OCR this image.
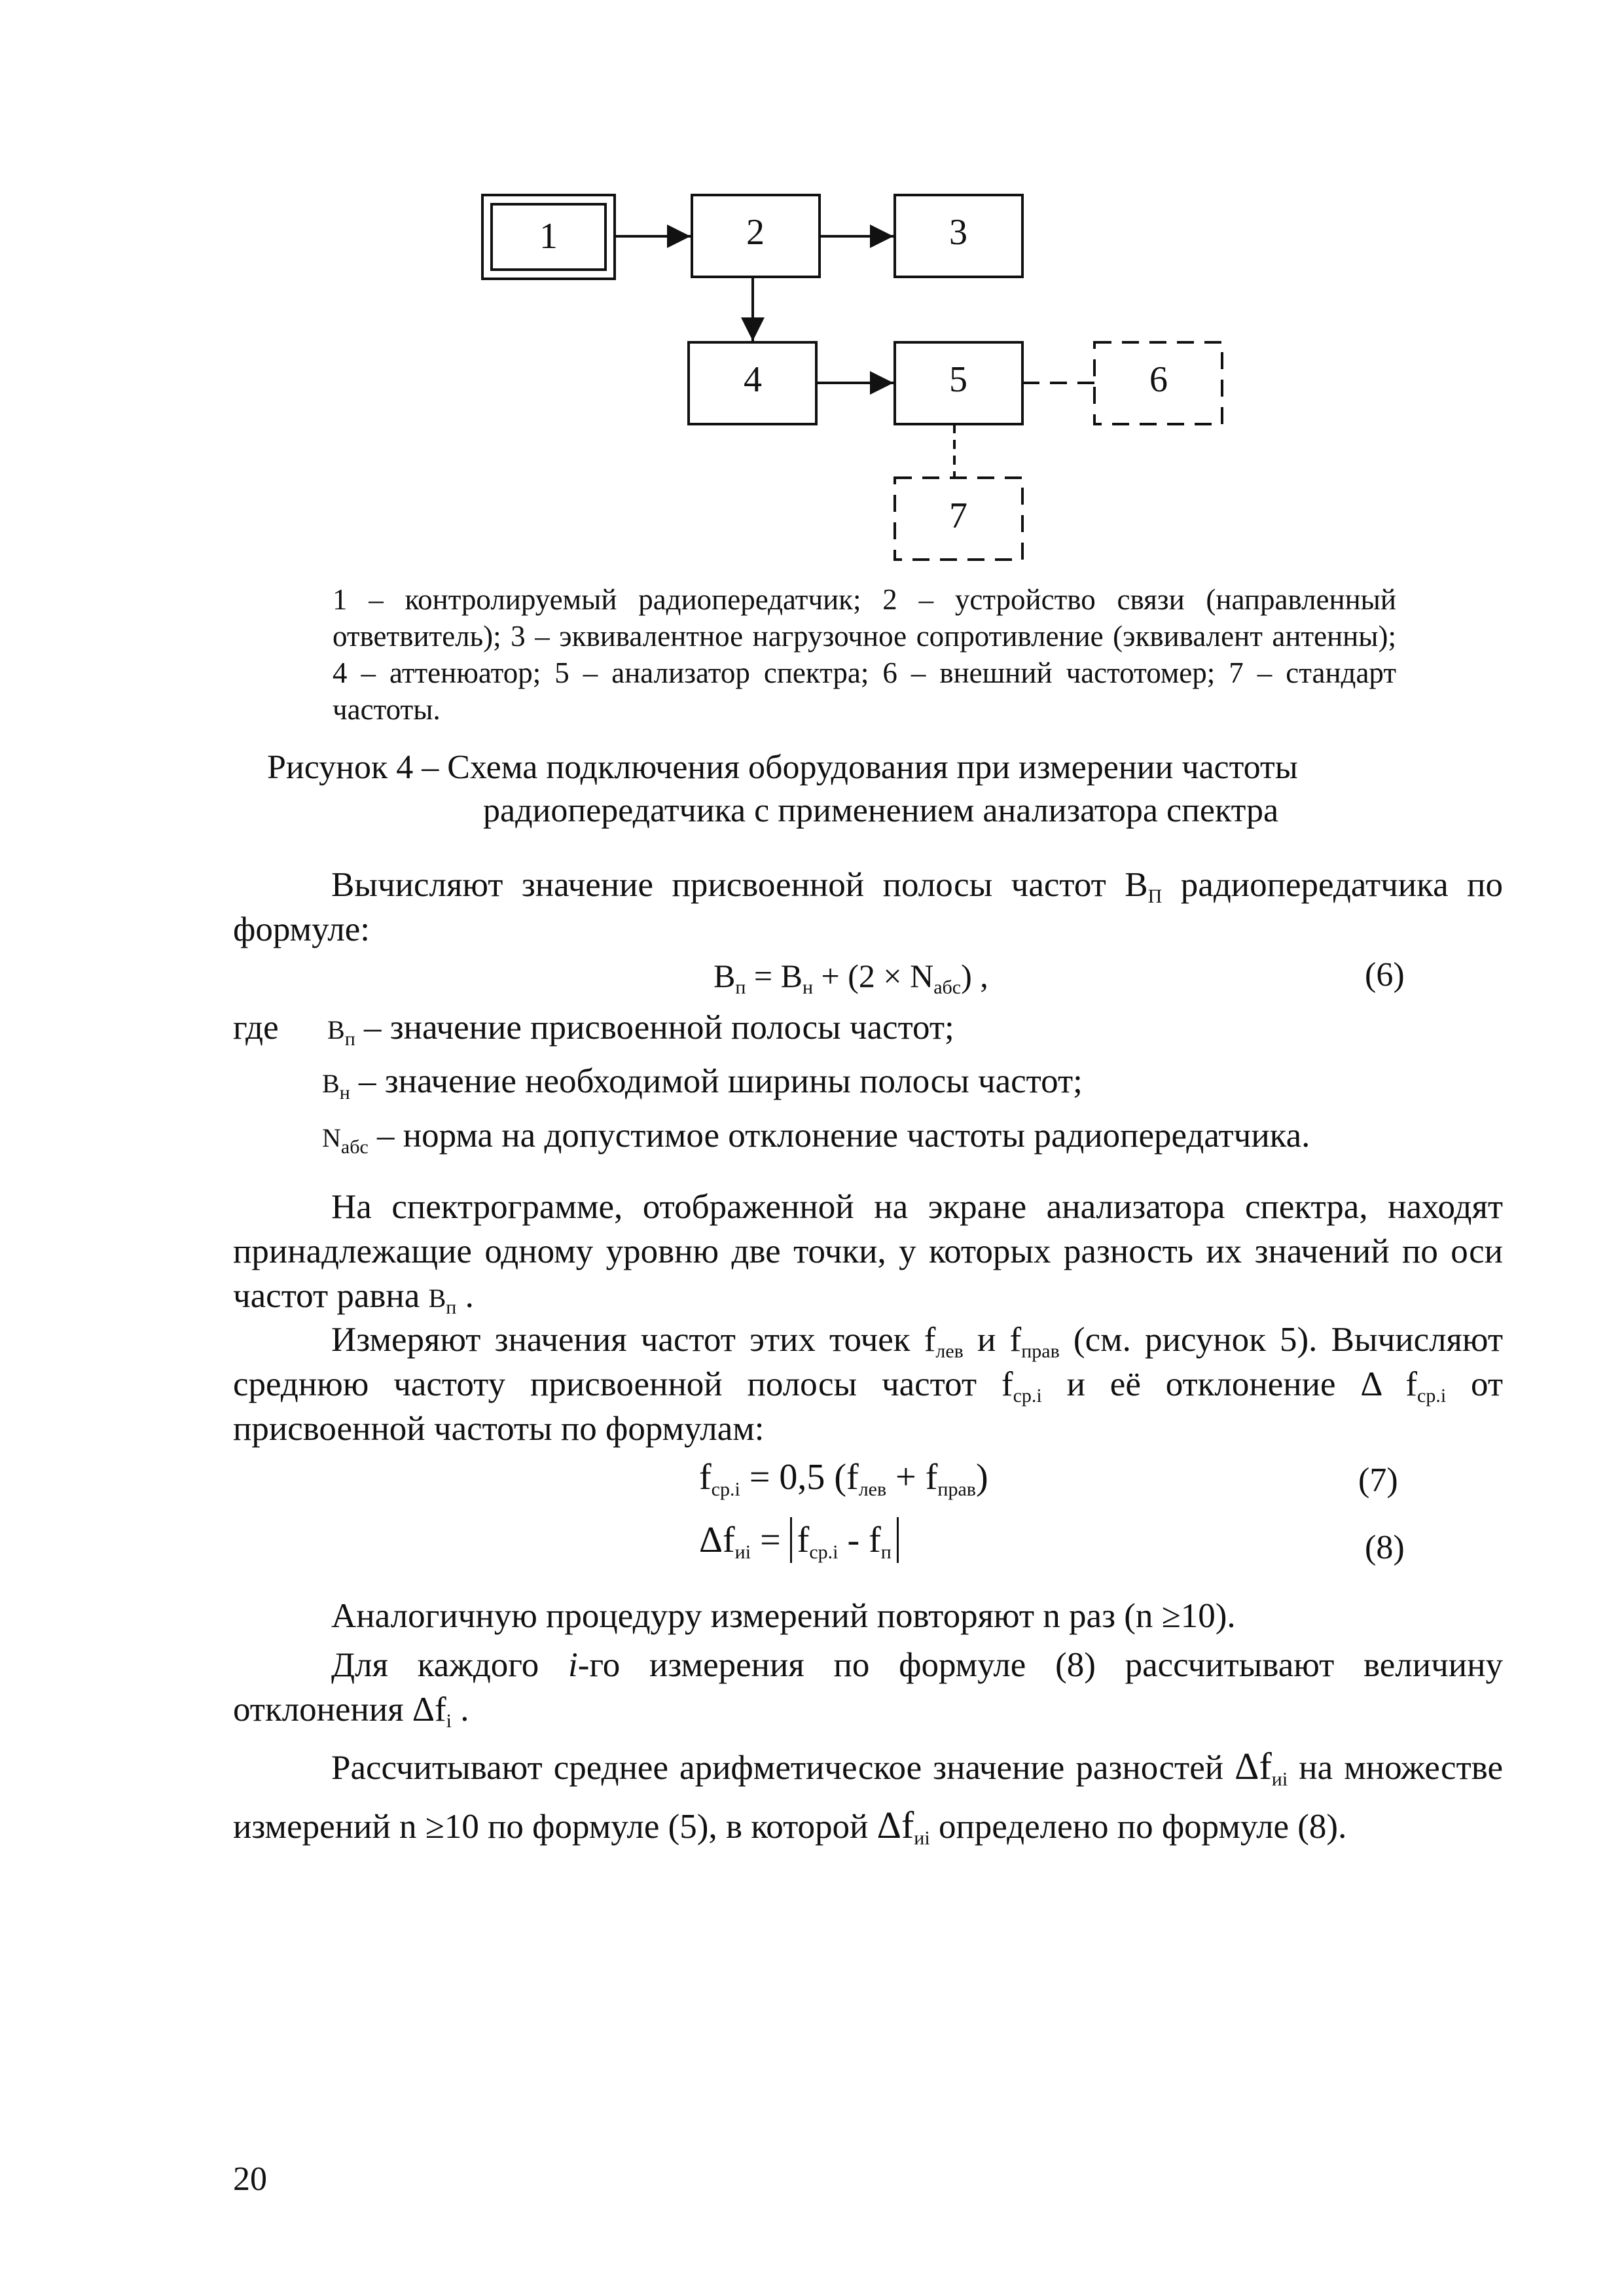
1	2	3
4	5	6
7
1 – контролируемый радиопередатчик; 2 – устройство связи (направленный ответвитель); 3 – эквивалентное нагрузочное сопротивление (эквивалент антенны); 4 – аттенюатор; 5 – анализатор спектра; 6 – внешний частотомер; 7 – стандарт частоты.
Рисунок 4 – Схема подключения оборудования при измерении частоты
радиопередатчика с применением анализатора спектра
Вычисляют значение присвоенной полосы частот $В_П$ радиопередатчика по формуле:
$В_п = В_н + (2 \times N_{абс})$ ,	(6)
где $В_п$ – значение присвоенной полосы частот;
$В_н$ – значение необходимой ширины полосы частот;
$N_{абс}$ – норма на допустимое отклонение частоты радиопередатчика.
На спектрограмме, отображенной на экране анализатора спектра, находят принадлежащие одному уровню две точки, у которых разность их значений по оси частот равна $В_п$ .
Измеряют значения частот этих точек $f_{лев}$ и $f_{прав}$ (см. рисунок 5). Вычисляют среднюю частоту присвоенной полосы частот $f_{ср.i}$ и её отклонение Δ $f_{ср.i}$ от присвоенной частоты по формулам:
$f_{ср.i} = 0,5$ $(f_{лев} + f_{прав})$	(7)
$\Delta f_{иi} = f_{ср.i} - f_п$	(8)
Аналогичную процедуру измерений повторяют n раз (n ≥10).
Для каждого i-го измерения по формуле (8) рассчитывают величину отклонения $\Delta f_i$ .
Рассчитывают среднее арифметическое значение разностей $\Delta f_{иi}$ на множестве измерений n ≥10 по формуле (5), в которой $\Delta f_{иi}$ определено по формуле (8).
20
